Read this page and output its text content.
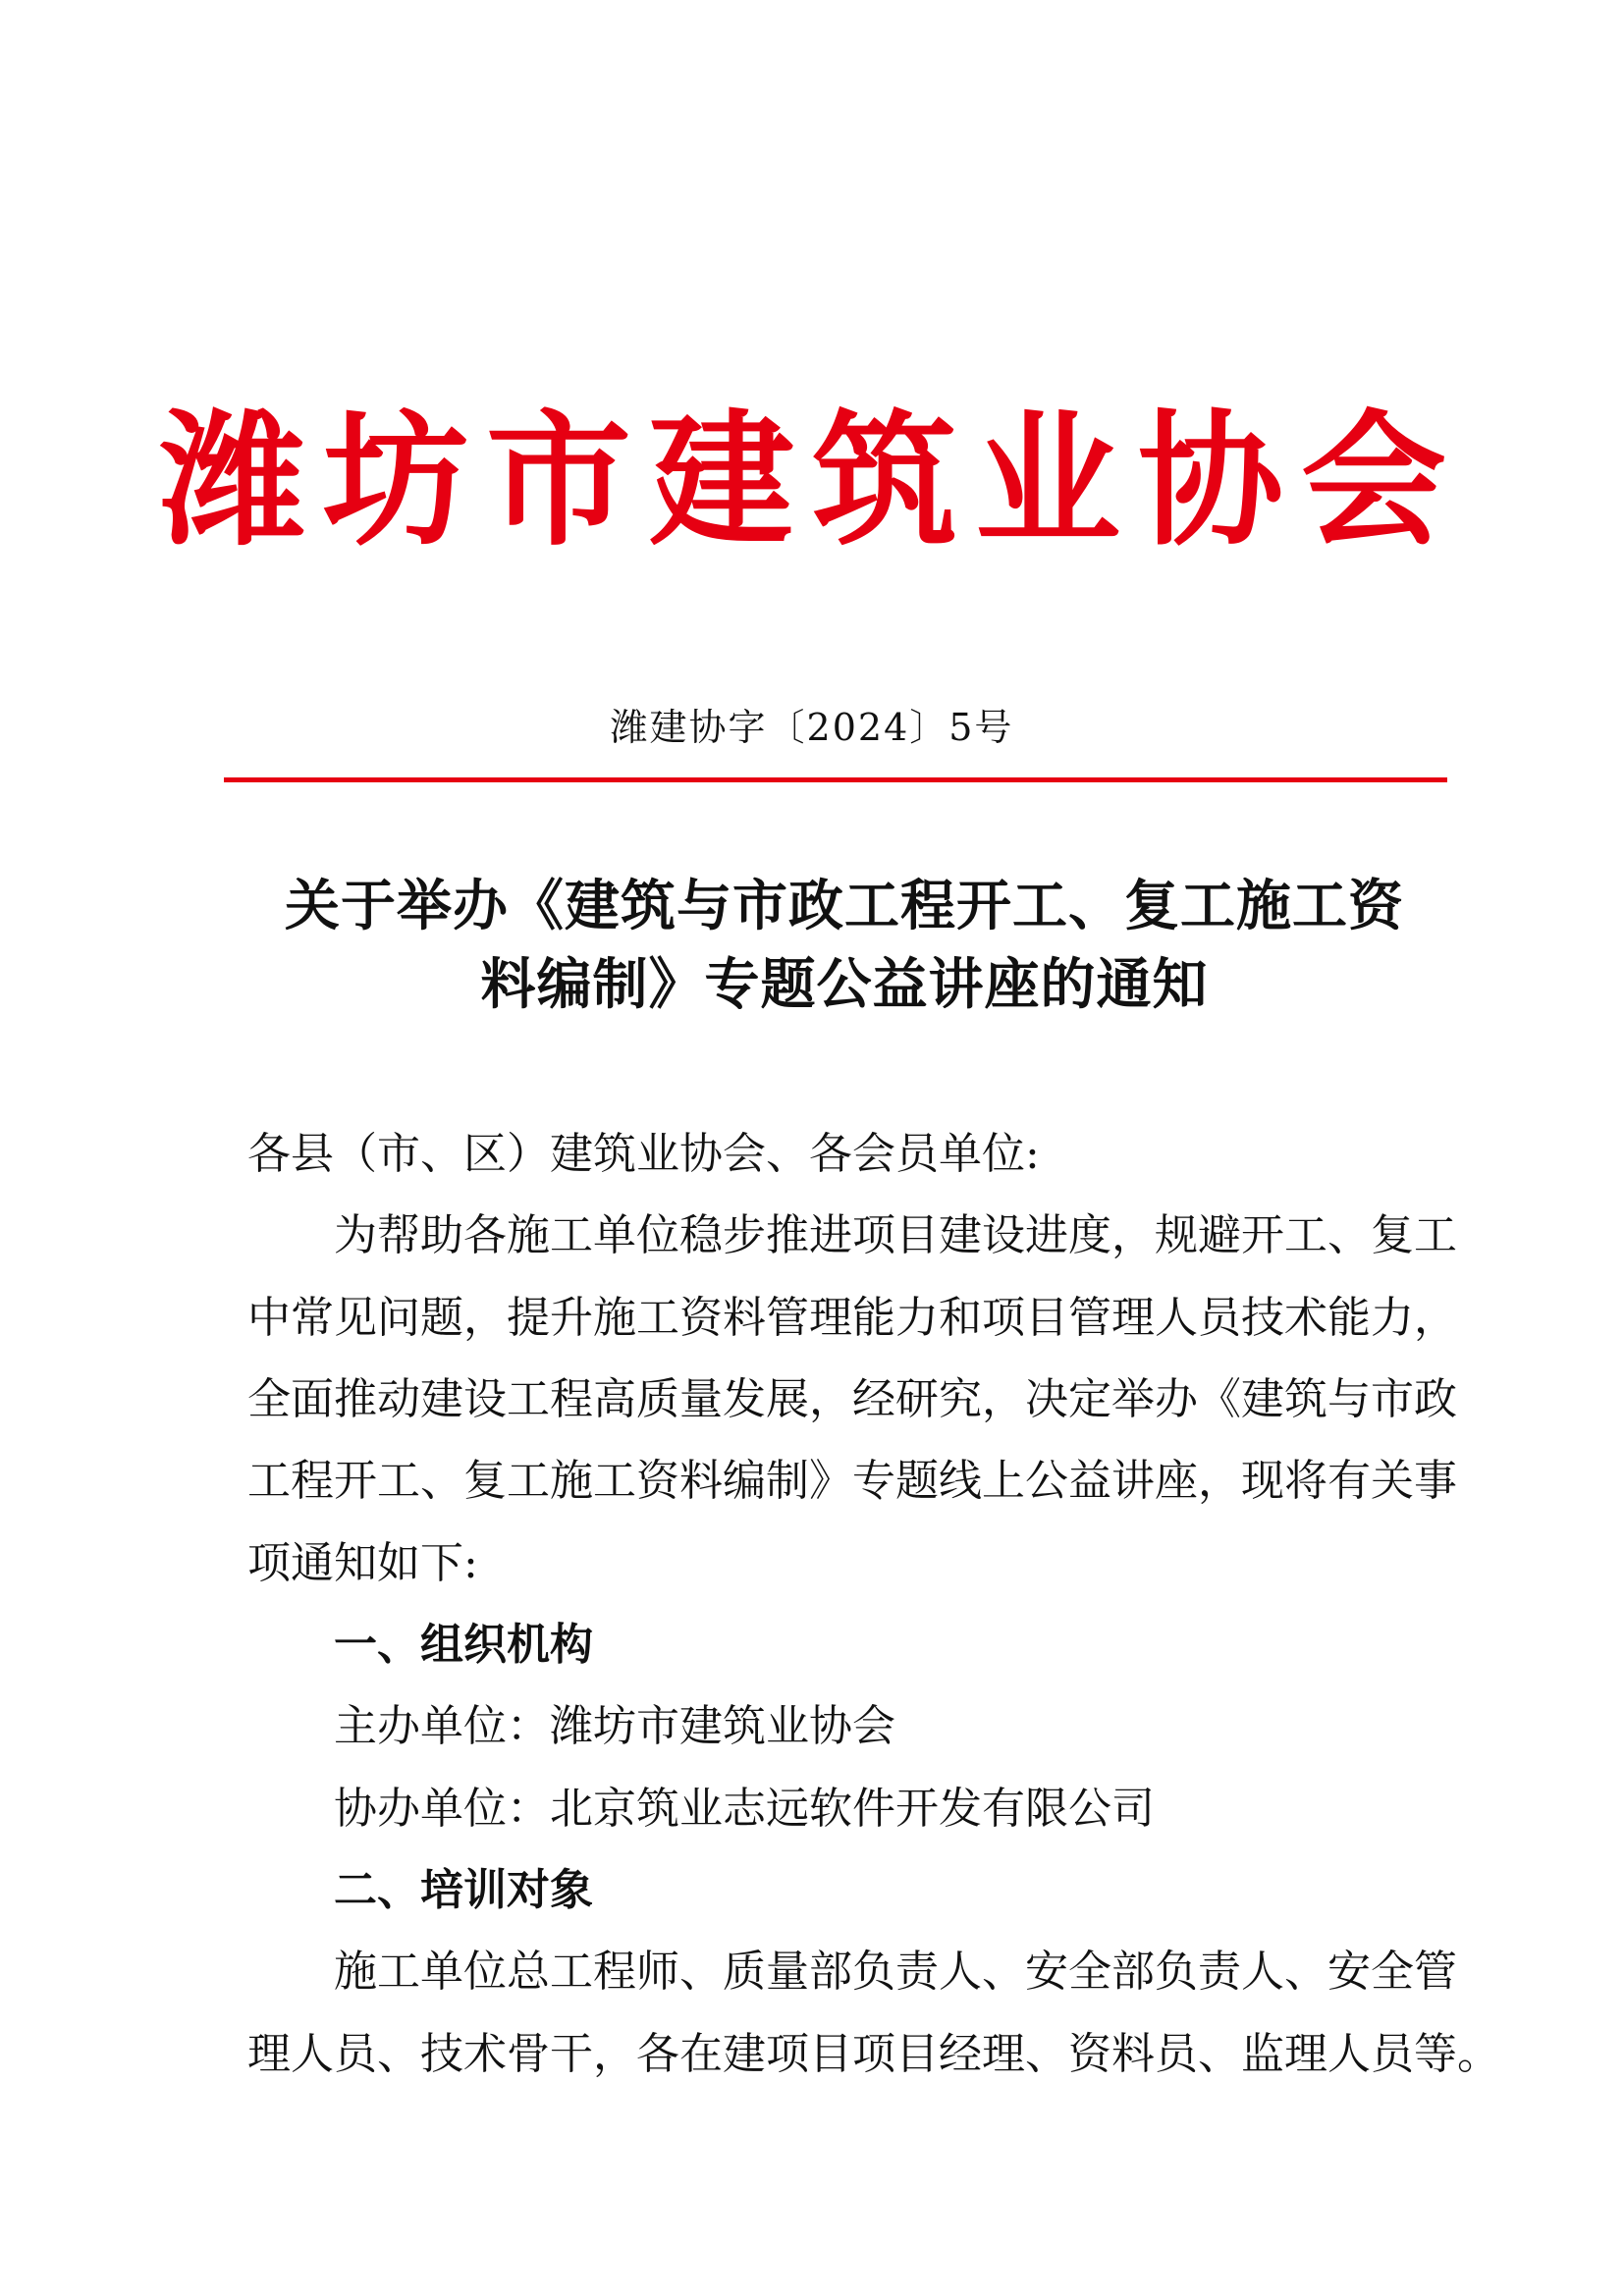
潍坊市建筑业协会
潍建协字〔2024〕5号
关于举办《建筑与市政工程开工、复工施工资
料编制》专题公益讲座的通知
各县（市、区）建筑业协会、各会员单位:
为帮助各施工单位稳步推进项目建设进度，规避开工、复工
中常见问题，提升施工资料管理能力和项目管理人员技术能力，
全面推动建设工程高质量发展，经研究，决定举办《建筑与市政
工程开工、复工施工资料编制》专题线上公益讲座，现将有关事
项通知如下:
一、组织机构
主办单位：潍坊市建筑业协会
协办单位：北京筑业志远软件开发有限公司
二、培训对象
施工单位总工程师、质量部负责人、安全部负责人、安全管
理人员、技术骨干，各在建项目项目经理、资料员、监理人员等。
